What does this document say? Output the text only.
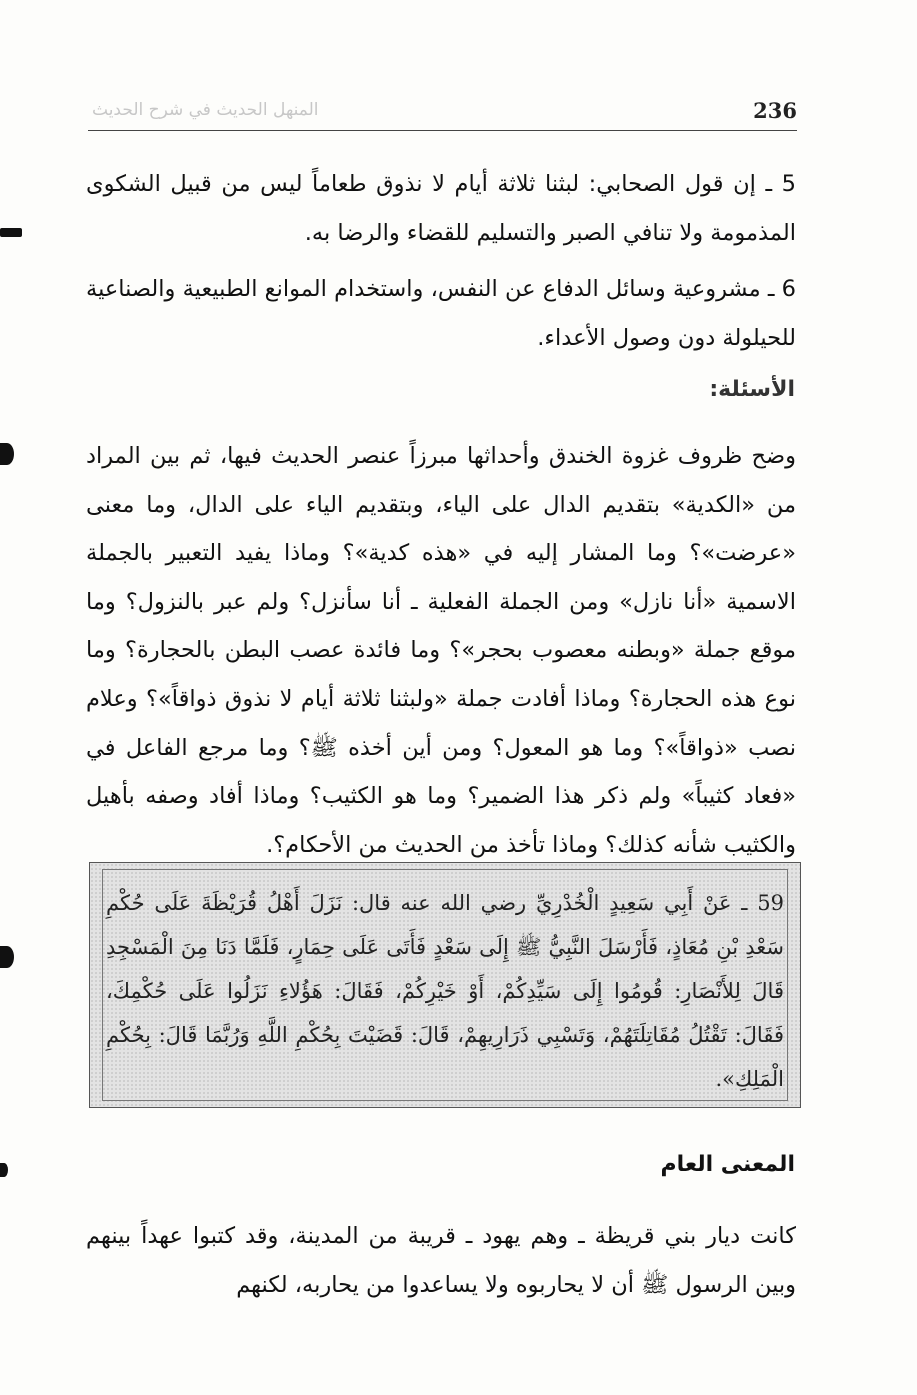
236
المنهل الحديث في شرح الحديث

5 ـ إن قول الصحابي: لبثنا ثلاثة أيام لا نذوق طعاماً ليس من قبيل الشكوى المذمومة ولا تنافي الصبر والتسليم للقضاء والرضا به.

6 ـ مشروعية وسائل الدفاع عن النفس، واستخدام الموانع الطبيعية والصناعية للحيلولة دون وصول الأعداء.

الأسئلة:

وضح ظروف غزوة الخندق وأحداثها مبرزاً عنصر الحديث فيها، ثم بين المراد من «الكدية» بتقديم الدال على الياء، وبتقديم الياء على الدال، وما معنى «عرضت»؟ وما المشار إليه في «هذه كدية»؟ وماذا يفيد التعبير بالجملة الاسمية «أنا نازل» ومن الجملة الفعلية ـ أنا سأنزل؟ ولم عبر بالنزول؟ وما موقع جملة «وبطنه معصوب بحجر»؟ وما فائدة عصب البطن بالحجارة؟ وما نوع هذه الحجارة؟ وماذا أفادت جملة «ولبثنا ثلاثة أيام لا نذوق ذواقاً»؟ وعلام نصب «ذواقاً»؟ وما هو المعول؟ ومن أين أخذه ﷺ؟ وما مرجع الفاعل في «فعاد كثيباً» ولم ذكر هذا الضمير؟ وما هو الكثيب؟ وماذا أفاد وصفه بأهيل والكثيب شأنه كذلك؟ وماذا تأخذ من الحديث من الأحكام؟.

59 ـ عَنْ أَبِي سَعِيدٍ الْخُدْرِيِّ رضي الله عنه قال: نَزَلَ أَهْلُ قُرَيْظَةَ عَلَى حُكْمِ سَعْدِ بْنِ مُعَاذٍ، فَأَرْسَلَ النَّبِيُّ ﷺ إِلَى سَعْدٍ فَأَتَى عَلَى حِمَارٍ، فَلَمَّا دَنَا مِنَ الْمَسْجِدِ قَالَ لِلأَنْصَارِ: قُومُوا إِلَى سَيِّدِكُمْ، أَوْ خَيْرِكُمْ، فَقَالَ: هَؤُلاءِ نَزَلُوا عَلَى حُكْمِكَ، فَقَالَ: تَقْتُلُ مُقَاتِلَتَهُمْ، وَتَسْبِي ذَرَارِيهِمْ، قَالَ: قَضَيْتَ بِحُكْمِ اللَّهِ وَرُبَّمَا قَالَ: بِحُكْمِ الْمَلِكِ».
المعنى العام

كانت ديار بني قريظة ـ وهم يهود ـ قريبة من المدينة، وقد كتبوا عهداً بينهم وبين الرسول ﷺ أن لا يحاربوه ولا يساعدوا من يحاربه، لكنهم
